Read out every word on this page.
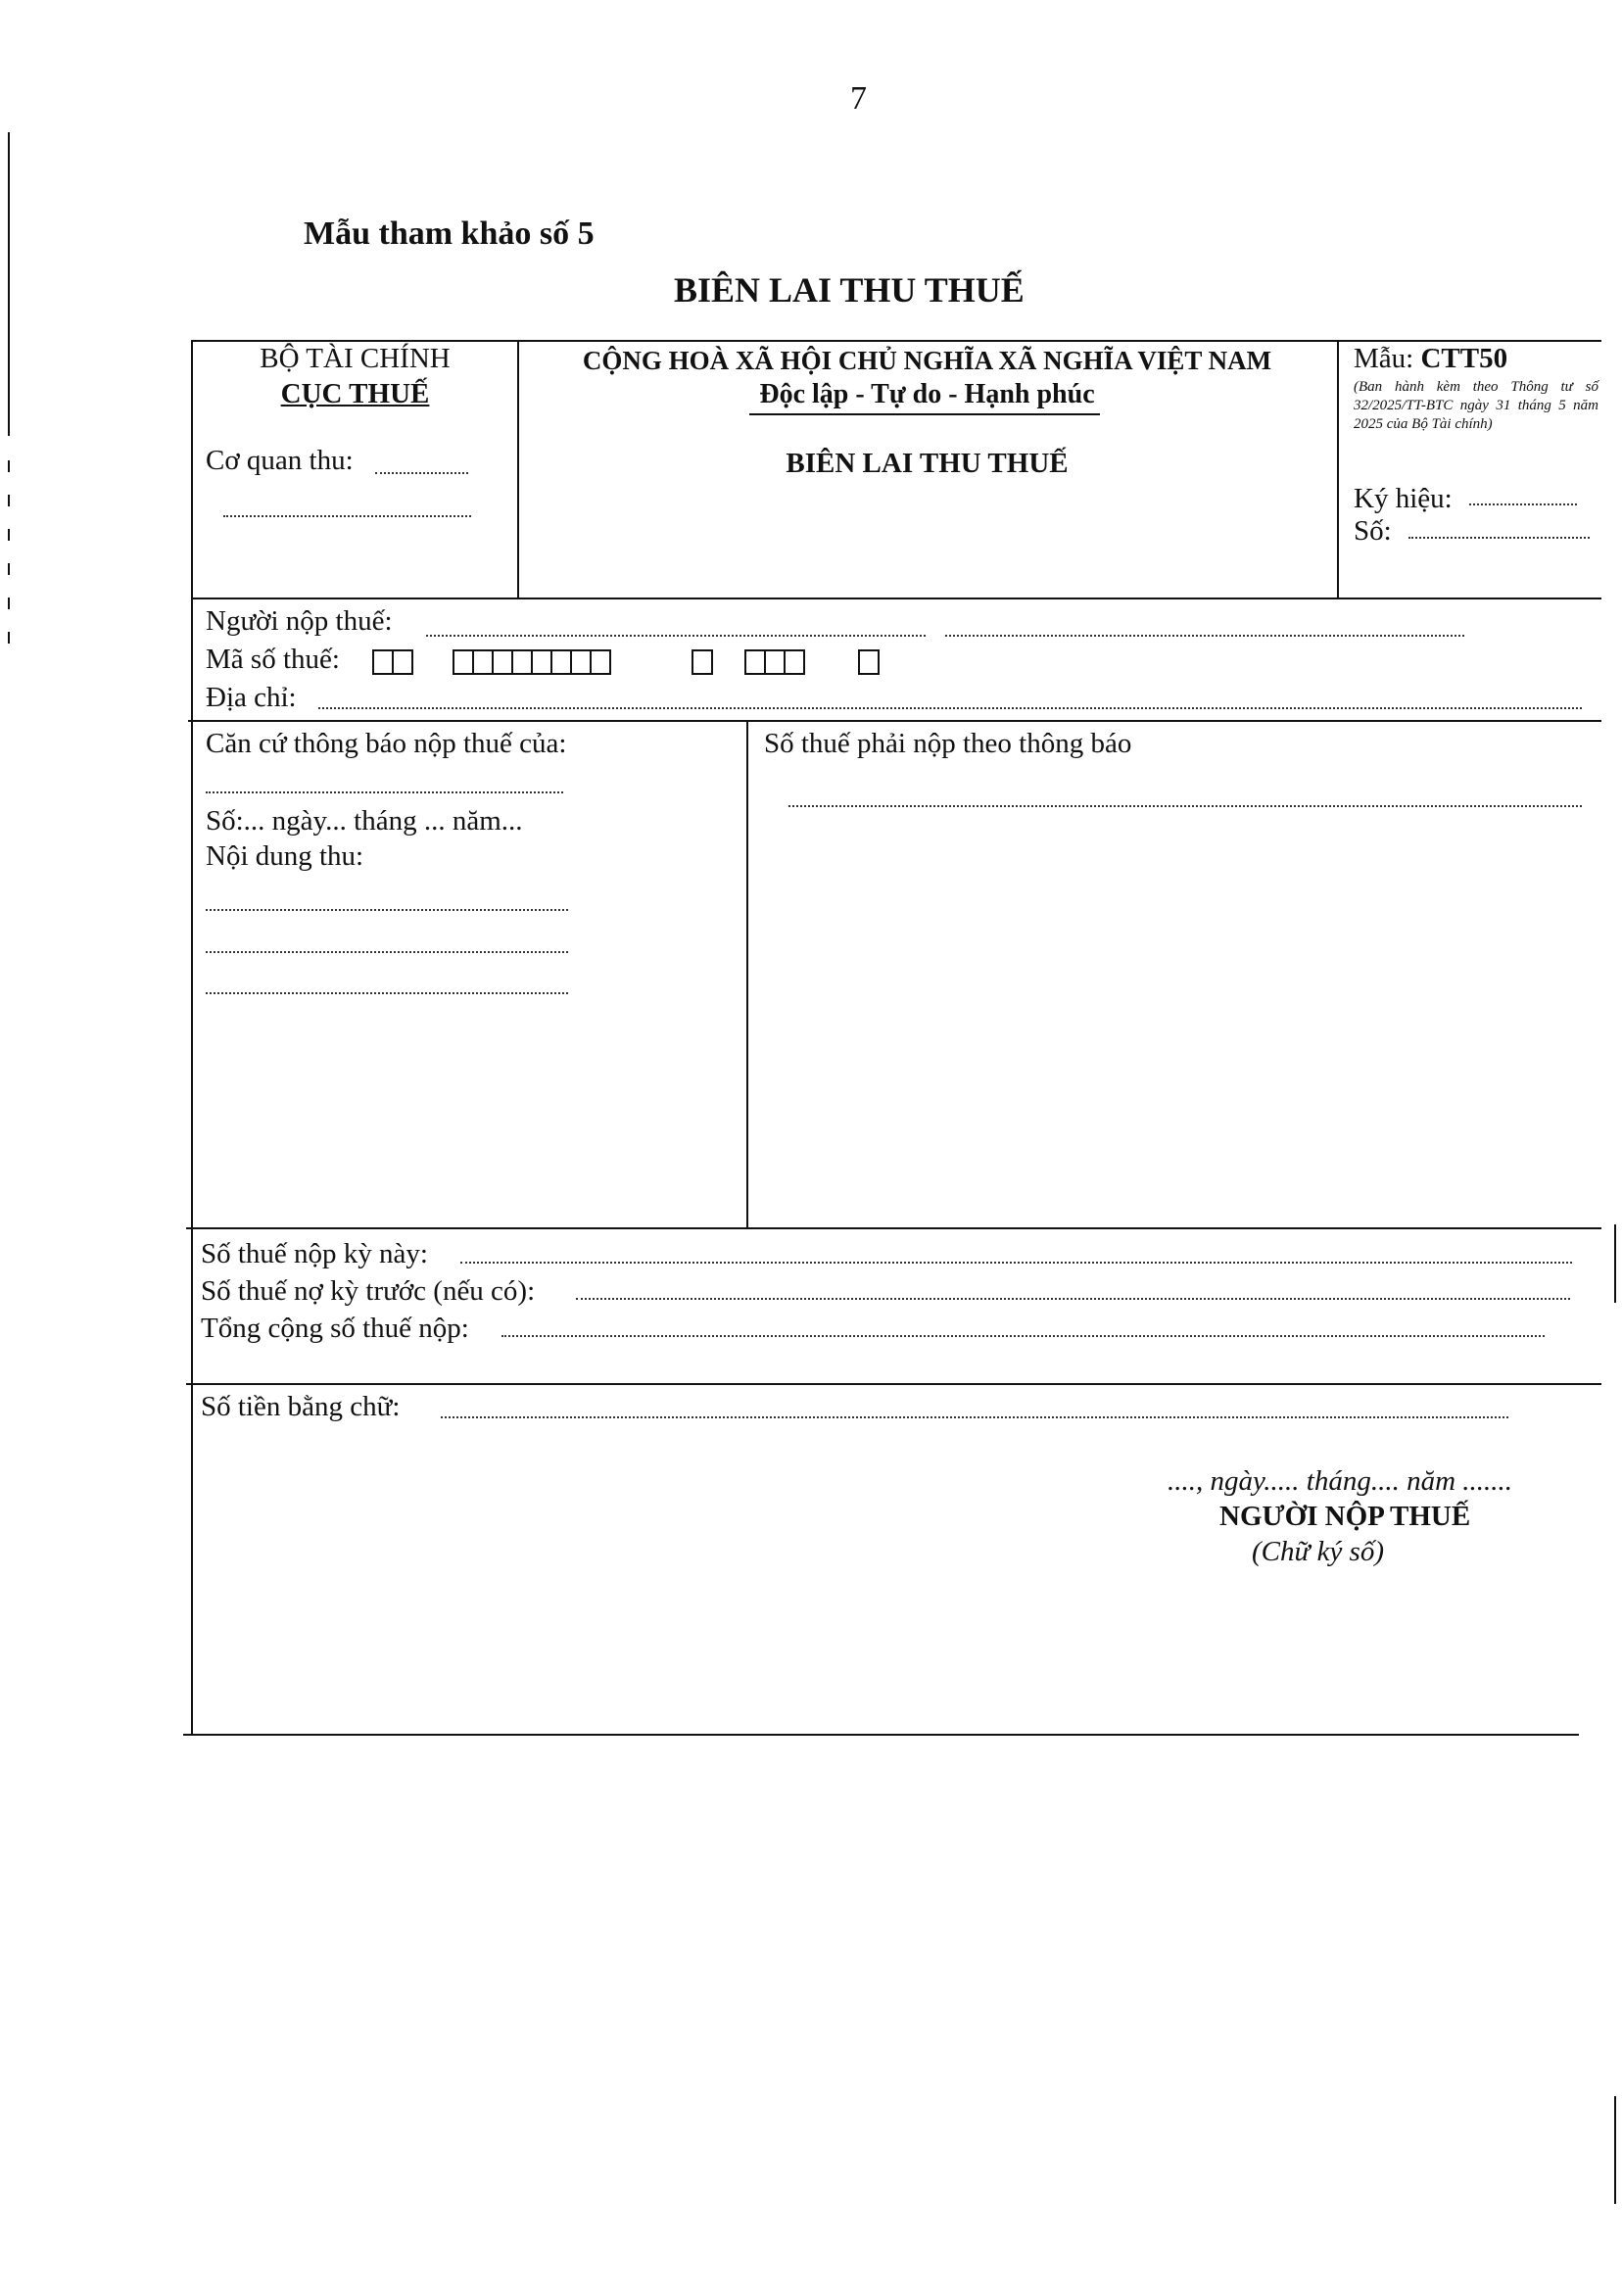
7
Mẫu tham khảo số 5
BIÊN LAI THU THUẾ
BỘ TÀI CHÍNH
CỤC THUẾ
Cơ quan thu:
CỘNG HOÀ XÃ HỘI CHỦ NGHĨA XÃ NGHĨA VIỆT NAM
Độc lập - Tự do - Hạnh phúc
BIÊN LAI THU THUẾ
Mẫu: CTT50
(Ban hành kèm theo Thông tư số 32/2025/TT-BTC ngày 31 tháng 5 năm 2025 của Bộ Tài chính)
Ký hiệu:
Số:
Người nộp thuế:
Mã số thuế:
Địa chỉ:
Căn cứ thông báo nộp thuế của:
Số:... ngày... tháng ... năm...
Nội dung thu:
Số thuế phải nộp theo thông báo
Số thuế nộp kỳ này:
Số thuế nợ kỳ trước (nếu có):
Tổng cộng số thuế nộp:
Số tiền bằng chữ:
...., ngày..... tháng.... năm .......
NGƯỜI NỘP THUẾ
(Chữ ký số)
